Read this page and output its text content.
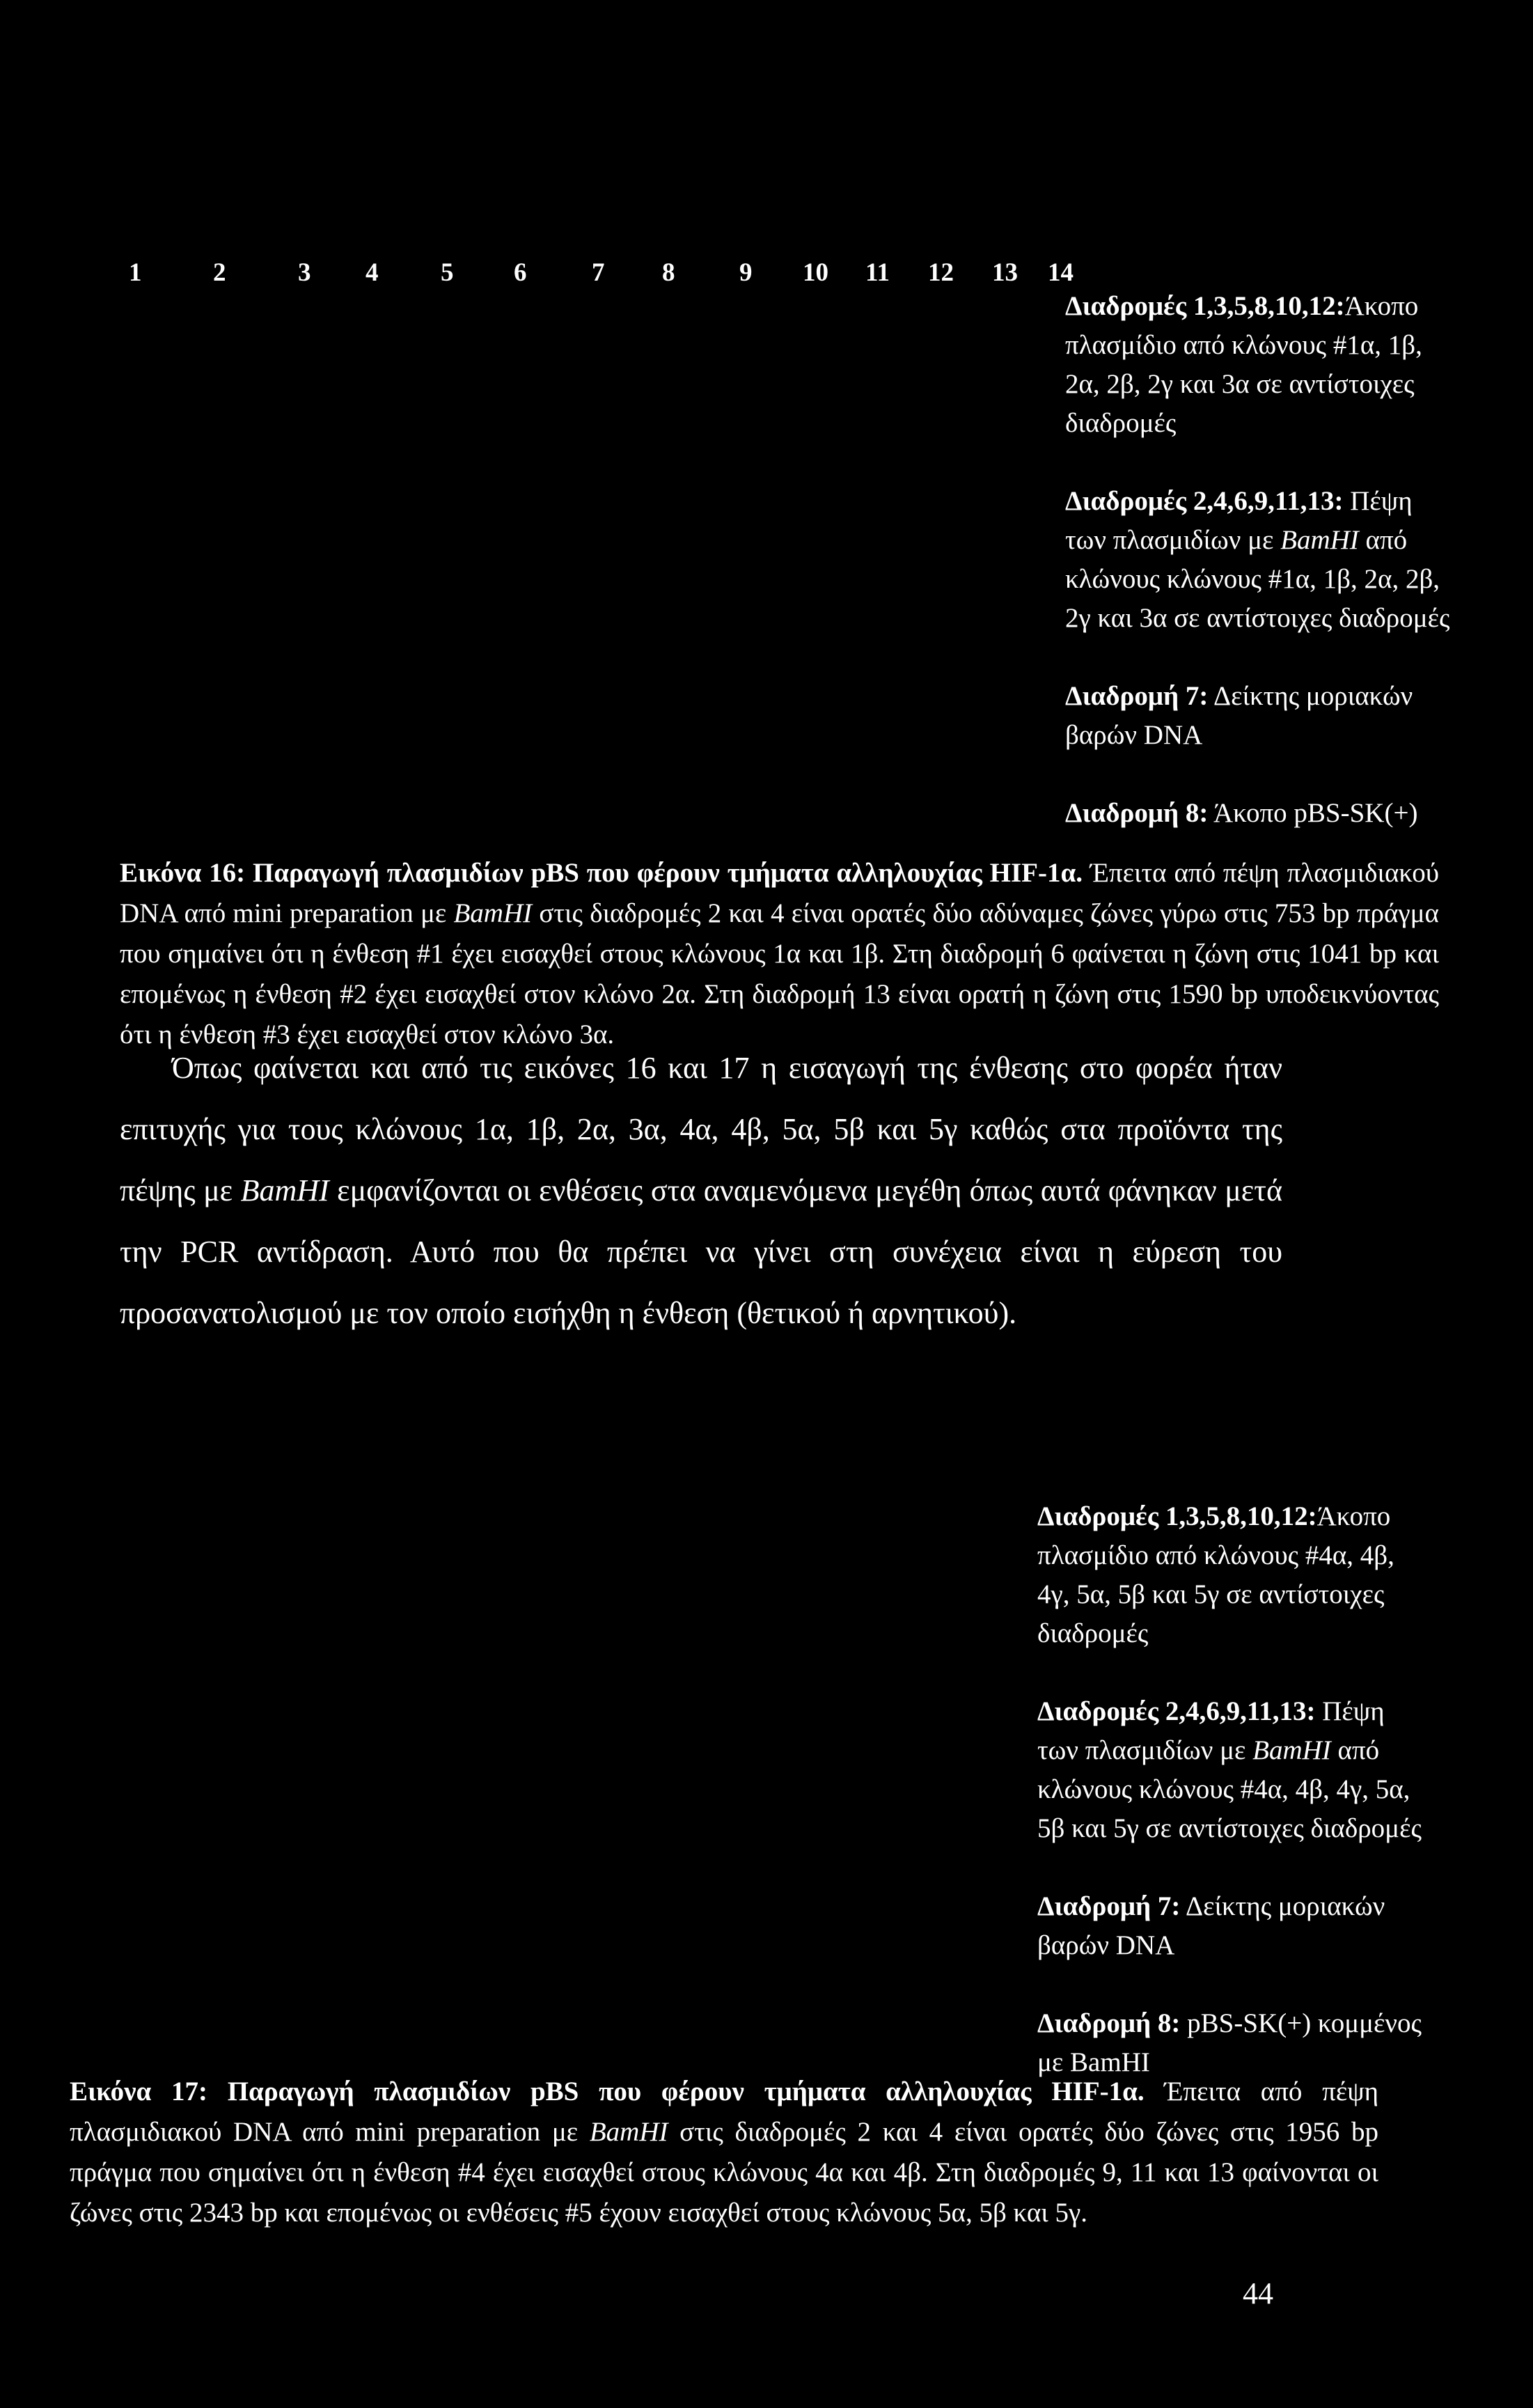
1	2	3 4 5 6	7 8	9 10 11 12 13 14

Διαδρομές 1,3,5,8,10,12:Άκοπο πλασμίδιο από κλώνους #1α, 1β, 2α, 2β, 2γ και 3α σε αντίστοιχες διαδρομές

Διαδρομές 2,4,6,9,11,13: Πέψη των πλασμιδίων με BamHI από κλώνους κλώνους #1α, 1β, 2α, 2β, 2γ και 3α σε αντίστοιχες διαδρομές

Διαδρομή 7: Δείκτης μοριακών βαρών DNA

Διαδρομή 8: Άκοπο pBS-SK(+)

Εικόνα 16: Παραγωγή πλασμιδίων pBS που φέρουν τμήματα αλληλουχίας HIF-1α. Έπειτα από πέψη πλασμιδιακού DNA από mini preparation με BamHI στις διαδρομές 2 και 4 είναι ορατές δύο αδύναμες ζώνες γύρω στις 753 bp πράγμα που σημαίνει ότι η ένθεση #1 έχει εισαχθεί στους κλώνους 1α και 1β. Στη διαδρομή 6 φαίνεται η ζώνη στις 1041 bp και επομένως η ένθεση #2 έχει εισαχθεί στον κλώνο 2α. Στη διαδρομή 13 είναι ορατή η ζώνη στις 1590 bp υποδεικνύοντας ότι η ένθεση #3 έχει εισαχθεί στον κλώνο 3α.
Όπως φαίνεται και από τις εικόνες 16 και 17 η εισαγωγή της ένθεσης στο φορέα ήταν επιτυχής για τους κλώνους 1α, 1β, 2α, 3α, 4α, 4β, 5α, 5β και 5γ καθώς στα προϊόντα της πέψης με BamHI εμφανίζονται οι ενθέσεις στα αναμενόμενα μεγέθη όπως αυτά φάνηκαν μετά την PCR αντίδραση. Αυτό που θα πρέπει να γίνει στη συνέχεια είναι η εύρεση του προσανατολισμού με τον οποίο εισήχθη η ένθεση (θετικού ή αρνητικού).

Διαδρομές 1,3,5,8,10,12:Άκοπο πλασμίδιο από κλώνους #4α, 4β, 4γ, 5α, 5β και 5γ σε αντίστοιχες διαδρομές

Διαδρομές 2,4,6,9,11,13: Πέψη των πλασμιδίων με BamHI από κλώνους κλώνους #4α, 4β, 4γ, 5α, 5β και 5γ σε αντίστοιχες διαδρομές

Διαδρομή 7: Δείκτης μοριακών βαρών DNA

Διαδρομή 8: pBS-SK(+) κομμένος με BamHI

Εικόνα 17: Παραγωγή πλασμιδίων pBS που φέρουν τμήματα αλληλουχίας HIF-1α. Έπειτα από πέψη πλασμιδιακού DNA από mini preparation με BamHI στις διαδρομές 2 και 4 είναι ορατές δύο ζώνες στις 1956 bp πράγμα που σημαίνει ότι η ένθεση #4 έχει εισαχθεί στους κλώνους 4α και 4β. Στη διαδρομές 9, 11 και 13 φαίνονται οι ζώνες στις 2343 bp και επομένως οι ενθέσεις #5 έχουν εισαχθεί στους κλώνους 5α, 5β και 5γ.
44
